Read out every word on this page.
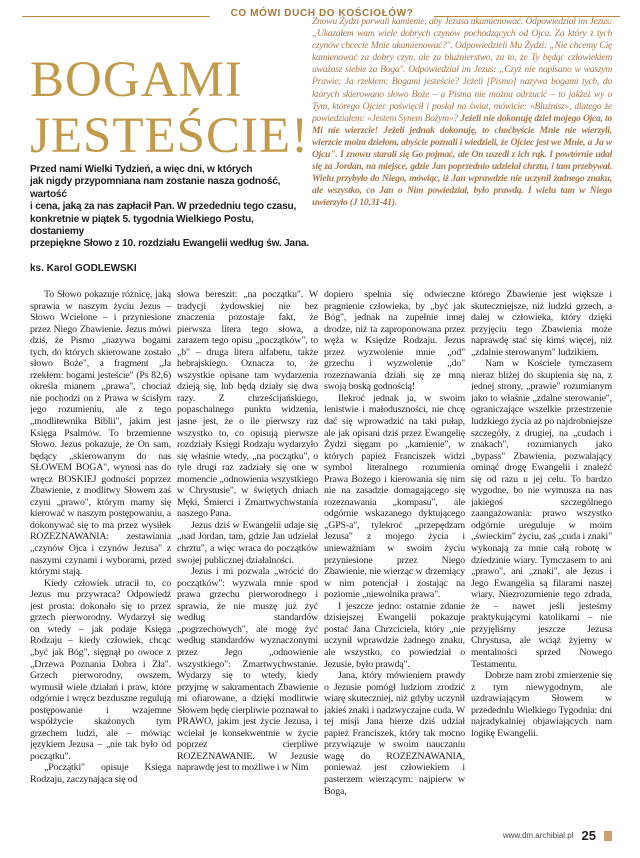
CO MÓWI DUCH DO KOŚCIOŁÓW?
BOGAMI
JESTEŚCIE!
Znowu Żydzi porwali kamienie, aby Jezusa ukamienować. Odpowiedział im Jezus: „Ukazałem wam wiele dobrych czynów pochodzących od Ojca. Za który z tych czynów chcecie Mnie ukamienować?". Odpowiedzieli Mu Żydzi: „Nie chcemy Cię kamienować za dobry czyn, ale za bluźnierstwo, za to, że Ty będąc człowiekiem uważasz siebie za Boga". Odpowiedział im Jezus: „Czyż nie napisano w waszym Prawie: Ja rzekłem: Bogami jesteście? Jeżeli [Pismo] nazywa bogami tych, do których skierowano słowo Boże – a Pisma nie można odrzucić – to jakżeż wy o Tym, którego Ojciec poświęcił i posłał na świat, mówicie: «Bluźnisz», dlatego że powiedziałem: «Jestem Synem Bożym»? Jeżeli nie dokonuję dzieł mojego Ojca, to Mi nie wierzcie! Jeżeli jednak dokonuję, to choćbyście Mnie nie wierzyli, wierzcie moim dziełom, abyście poznali i wiedzieli, że Ojciec jest we Mnie, a Ja w Ojcu". I znowu starali się Go pojmać, ale On uszedł z ich rąk. I powtórnie udał się za Jordan, na miejsce, gdzie Jan poprzednio udzielał chrztu, i tam przebywał. Wielu przybyło do Niego, mówiąc, iż Jan wprawdzie nie uczynił żadnego znaku, ale wszystko, co Jan o Nim powiedział, było prawdą. I wielu tam w Niego uwierzyło (J 10,31-41).

Przed nami Wielki Tydzień, a więc dni, w których

jak nigdy przypomniana nam zostanie nasza godność, wartość

i cena, jaką za nas zapłacił Pan. W przededniu tego czasu,

konkretnie w piątek 5. tygodnia Wielkiego Postu, dostaniemy

przepiękne Słowo z 10. rozdziału Ewangelii według św. Jana.

ks. Karol GODLEWSKI

To Słowo pokazuje różnicę, jaką sprawia w naszym życiu Jezus – Słowo Wcielone – i przyniesione przez Niego Zbawienie. Jezus mówi dziś, że Pismo „nazywa bogami tych, do których skierowane zostało słowo Boże", a fragment „Ja rzekłem: bogami jesteście" (Ps 82,6) określa mianem „prawa", chociaż nie pochodzi on z Prawa w ścisłym jego rozumieniu, ale z tego „modlitewnika Biblii", jakim jest Księga Psalmów. To brzemienne Słowo. Jezus pokazuje, że On sam, będący „skierowanym do nas SŁOWEM BOGA", wynosi nas do wręcz BOSKIEJ godności poprzez Zbawienie, z modlitwy Słowem zaś czyni „prawo", którym mamy się kierować w naszym postępowaniu, a dokonywać się to ma przez wysiłek ROZEZNAWANIA: zestawiania „czynów Ojca i czynów Jezusa" z naszymi czynami i wyborami, przed którymi stają.

Kiedy człowiek utracił to, co Jezus mu przywraca? Odpowiedź jest prosta: dokonało się to przez grzech pierworodny. Wydarzył się on wtedy – jak podaje Księga Rodzaju – kiedy człowiek, chcąc „być jak Bóg", sięgnął po owoce z „Drzewa Poznania Dobra i Zła". Grzech pierworodny, owszem, wymusił wiele działań i praw, które odgórnie i wręcz bezduszne regulują postępowanie i wzajemne współżycie skażonych tym grzechem ludzi, ale – mówiąc językiem Jezusa – „nie tak było od początku".

„Początki" opisuje Księga Rodzaju, zaczynająca się od

słowa bereszit: „na początku". W tradycji żydowskiej nie bez znaczenia pozostaje fakt, że pierwsza litera tego słowa, a zarazem tego opisu „początków", to „b" – druga litera alfabetu, także hebrajskiego. Oznacza to, że wszystkie opisane tam wydarzenia dzieją się, lub będą działy się dwa razy. Z chrześcijańskiego, popaschalnego punktu widzenia, jasne jest, że o ile pierwszy raz wszystko to, co opisują pierwsze rozdziały Księgi Rodzaju wydarzyło się właśnie wtedy, „na początku", o tyle drugi raz zadziały się one w momencie „odnowienia wszystkiego w Chrystusie", w świętych dniach Męki, Śmierci i Zmartwychwstania naszego Pana.

Jezus dziś w Ewangelii udaje się „nad Jordan, tam, gdzie Jan udzielał chrztu", a więc wraca do początków swojej publicznej działalności.

Jezus i mi pozwala „wrócić do początków": wyzwala mnie spod prawa grzechu pierworodnego i sprawia, że nie muszę już żyć według standardów „pogrzechowych", ale mogę żyć według standardów wyznaczonymi przez Jego „odnowienie wszystkiego": Zmartwychwstanie. Wydarzy się to wtedy, kiedy przyjmę w sakramentach Zbawienie mi ofiarowane, a dzięki modlitwie Słowem będę cierpliwie poznawał to PRAWO, jakim jest życie Jezusa, i wcielał je konsekwentnie w życie poprzez cierpliwe ROZEZNAWANIE. W Jezusie naprawdę jest to możliwe i w Nim

dopiero spełnia się odwieczne pragnienie człowieka, by „być jak Bóg", jednak na zupełnie innej drodze, niż ta zaproponowana przez węża w Księdze Rodzaju. Jezus przez wyzwolenie mnie „od" grzechu i wyzwolenie „do" rozeznawania działi się ze mną swoją boską godnością!

Ilekroć jednak ja, w swoim lenistwie i małoduszności, nie chcę dać się wprowadzić na taki pułap, ale jak opisani dziś przez Ewangelię Żydzi sięgam po „kamienie", w których papież Franciszek widzi symbol literalnego rozumienia Prawa Bożego i kierowania się nim nie na zasadzie domagającego się rozeznawania „kompasu", ale odgórnie wskazanego dyktującego „GPS-a", tylekroć „przepędzam Jezusa" z mojego życia i unieważniam w swoim życiu przyniesione przez Niego Zbawienie, nie wierząc w drzemiący w nim potencjał i zostając na poziomie „niewolnika prawa".

I jeszcze jedno: ostatnie zdanie dzisiejszej Ewangelii pokazuje postać Jana Chrzciciela, który „nie uczynił wprawdzie żadnego znaku, ale wszystko, co powiedział o Jezusie, było prawdą".

Jana, który mówieniem prawdy o Jezusie pomógł ludziom zrodzić wiarę skuteczniej, niż gdyby uczynił jakieś znaki i nadzwyczajne cuda. W tej misji Jana bierze dziś udział papież Franciszek, który tak mocno przywiązuje w swoim nauczaniu wagę do ROZEZNAWANIA, ponieważ jest człowiekiem i pasterzem wierzącym: najpierw w Boga,

którego Zbawienie jest większe i skuteczniejsze, niż ludzki grzech, a dalej w człowieka, który dzięki przyjęciu tego Zbawienia może naprawdę stać się kimś więcej, niż „zdalnie sterowanym" ludzikiem.

Nam w Kościele tymczasem nieraz bliżej do skupienia się na, z jednej strony, „prawie" rozumianym jako to właśnie „zdalne sterowanie", ograniczające wszelkie przestrzenie ludzkiego życia aż po najdrobniejsze szczegóły, z drugiej, na „cudach i znakach", rozumianych jako „bypass" Zbawienia, pozwalający ominąć drogę Ewangelii i znaleźć się od razu u jej celu. To bardzo wygodne, bo nie wymusza na nas jakiegoś szczególnego zaangażowania: prawo wszystko odgórnie ureguluje w moim „świeckim" życiu, zaś „cuda i znaki" wykonają za mnie całą robotę w dziedzinie wiary. Tymczasem to ani „prawo", ani „znaki", ale Jezus i Jego Ewangelia są filarami naszej wiary. Niezrozumienie tego zdrada, że – nawet jeśli jesteśmy praktykującymi katolikami – nie przyjęliśmy jeszcze Jezusa Chrystusa, ale wciąż żyjemy w mentalności sprzed Nowego Testamentu.

Dobrze nam zrobi zmierzenie się z tym niewygodnym, ale uzdrawiającym Słowem w przedednIu Wielkiego Tygodnia: dni najradykalniej objawiających nam logikę Ewangelii.

www.dm.archibial.pl 25
